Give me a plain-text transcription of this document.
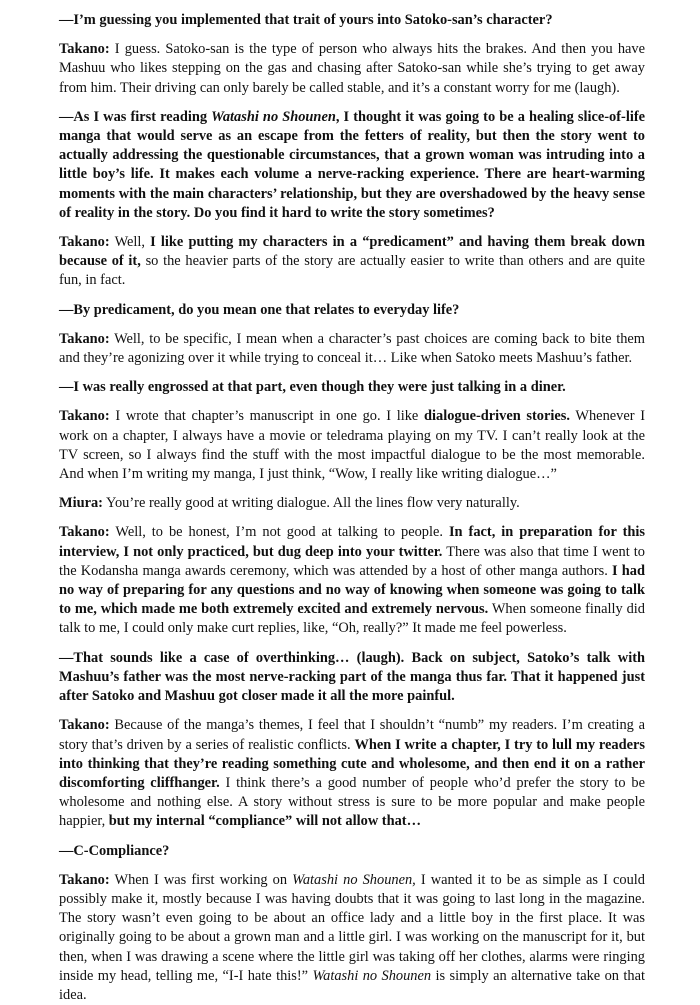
—I’m guessing you implemented that trait of yours into Satoko-san’s character?

Takano: I guess. Satoko-san is the type of person who always hits the brakes. And then you have Mashuu who likes stepping on the gas and chasing after Satoko-san while she’s trying to get away from him. Their driving can only barely be called stable, and it’s a constant worry for me (laugh).

—As I was first reading Watashi no Shounen, I thought it was going to be a healing slice-of-life manga that would serve as an escape from the fetters of reality, but then the story went to actually addressing the questionable circumstances, that a grown woman was intruding into a little boy’s life. It makes each volume a nerve-racking experience. There are heart-warming moments with the main characters’ relationship, but they are overshadowed by the heavy sense of reality in the story. Do you find it hard to write the story sometimes?

Takano: Well, I like putting my characters in a “predicament” and having them break down because of it, so the heavier parts of the story are actually easier to write than others and are quite fun, in fact.

—By predicament, do you mean one that relates to everyday life?

Takano: Well, to be specific, I mean when a character’s past choices are coming back to bite them and they’re agonizing over it while trying to conceal it… Like when Satoko meets Mashuu’s father.

—I was really engrossed at that part, even though they were just talking in a diner.

Takano: I wrote that chapter’s manuscript in one go. I like dialogue-driven stories. Whenever I work on a chapter, I always have a movie or teledrama playing on my TV. I can’t really look at the TV screen, so I always find the stuff with the most impactful dialogue to be the most memorable. And when I’m writing my manga, I just think, “Wow, I really like writing dialogue…”

Miura: You’re really good at writing dialogue. All the lines flow very naturally.

Takano: Well, to be honest, I’m not good at talking to people. In fact, in preparation for this interview, I not only practiced, but dug deep into your twitter. There was also that time I went to the Kodansha manga awards ceremony, which was attended by a host of other manga authors. I had no way of preparing for any questions and no way of knowing when someone was going to talk to me, which made me both extremely excited and extremely nervous. When someone finally did talk to me, I could only make curt replies, like, “Oh, really?” It made me feel powerless.

—That sounds like a case of overthinking… (laugh). Back on subject, Satoko’s talk with Mashuu’s father was the most nerve-racking part of the manga thus far. That it happened just after Satoko and Mashuu got closer made it all the more painful.

Takano: Because of the manga’s themes, I feel that I shouldn’t “numb” my readers. I’m creating a story that’s driven by a series of realistic conflicts. When I write a chapter, I try to lull my readers into thinking that they’re reading something cute and wholesome, and then end it on a rather discomforting cliffhanger. I think there’s a good number of people who’d prefer the story to be wholesome and nothing else. A story without stress is sure to be more popular and make people happier, but my internal “compliance” will not allow that…

—C-Compliance?

Takano: When I was first working on Watashi no Shounen, I wanted it to be as simple as I could possibly make it, mostly because I was having doubts that it was going to last long in the magazine. The story wasn’t even going to be about an office lady and a little boy in the first place. It was originally going to be about a grown man and a little girl. I was working on the manuscript for it, but then, when I was drawing a scene where the little girl was taking off her clothes, alarms were ringing inside my head, telling me, “I-I hate this!” Watashi no Shounen is simply an alternative take on that idea.
